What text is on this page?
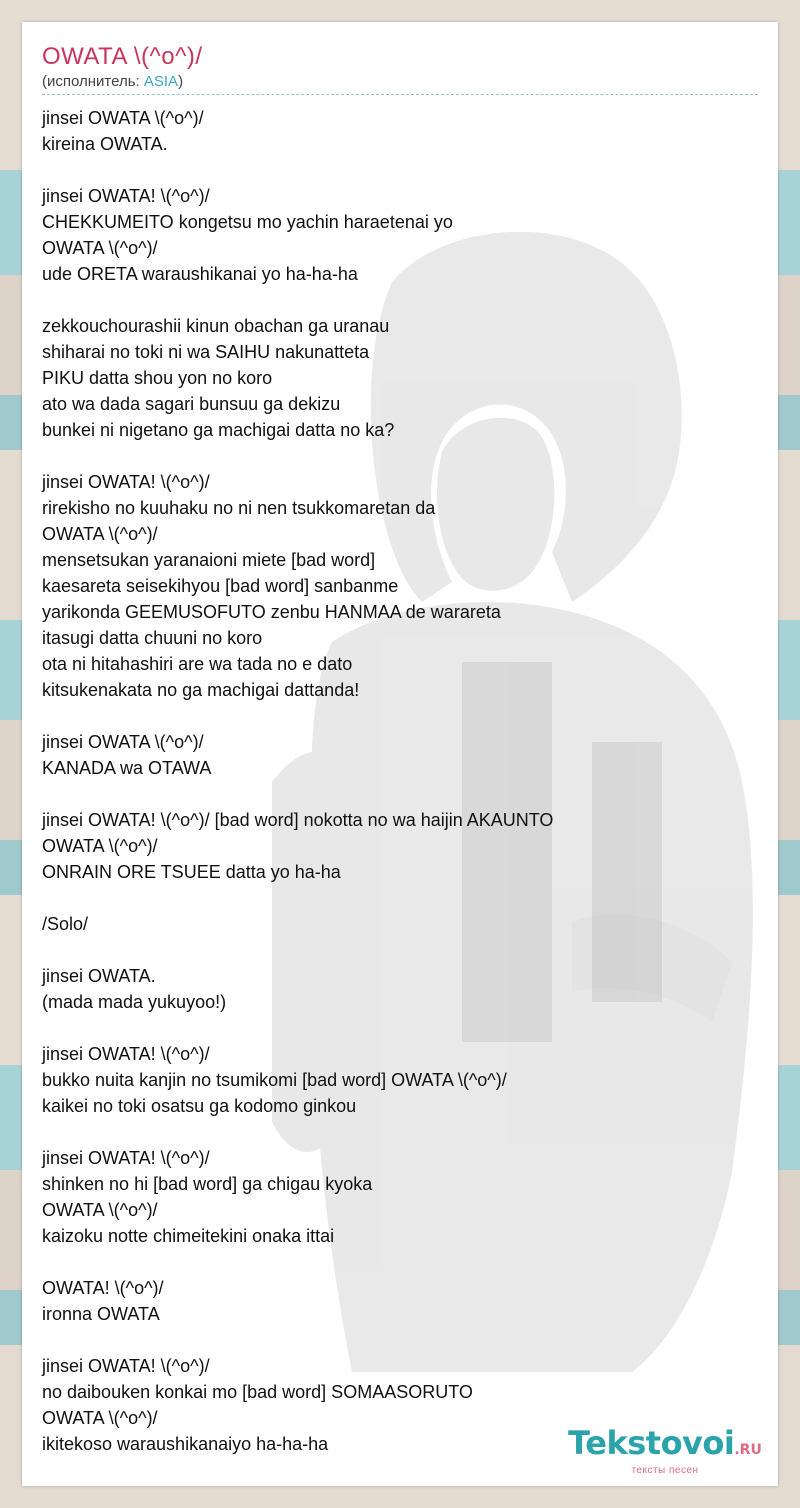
OWATA \(^o^)/
(исполнитель: ASIA)
jinsei OWATA \(^o^)/
kireina OWATA.

jinsei OWATA! \(^o^)/
CHEKKUMEITO kongetsu mo yachin haraetenai yo
OWATA \(^o^)/
ude ORETA waraushikanai yo ha-ha-ha

zekkouchourashii kinun obachan ga uranau
shiharai no toki ni wa SAIHU nakunatteta
PIKU datta shou yon no koro
ato wa dada sagari bunsuu ga dekizu
bunkei ni nigetano ga machigai datta no ka?

jinsei OWATA! \(^o^)/
rirekisho no kuuhaku no ni nen tsukkomaretan da
OWATA \(^o^)/
mensetsukan yaranaioni miete [bad word]
kaesareta seisekihyou [bad word] sanbanme
yarikonda GEEMUSOFUTO zenbu HANMAA de warareta
itasugi datta chuuni no koro
ota ni hitahashiri are wa tada no e dato
kitsukenakata no ga machigai dattanda!

jinsei OWATA \(^o^)/
KANADA wa OTAWA

jinsei OWATA! \(^o^)/ [bad word] nokotta no wa haijin AKAUNTO
OWATA \(^o^)/
ONRAIN ORE TSUEE datta yo ha-ha

/Solo/

jinsei OWATA.
(mada mada yukuyoo!)

jinsei OWATA! \(^o^)/
bukko nuita kanjin no tsumikomi [bad word] OWATA \(^o^)/
kaikei no toki osatsu ga kodomo ginkou

jinsei OWATA! \(^o^)/
shinken no hi [bad word] ga chigau kyoka
OWATA \(^o^)/
kaizoku notte chimeitekini onaka ittai

OWATA! \(^o^)/
ironna OWATA

jinsei OWATA! \(^o^)/
no daibouken konkai mo [bad word] SOMAASORUTO
OWATA \(^o^)/
ikitekoso waraushikanaiyo ha-ha-ha	Tekstovoi.RU
тексты песен
